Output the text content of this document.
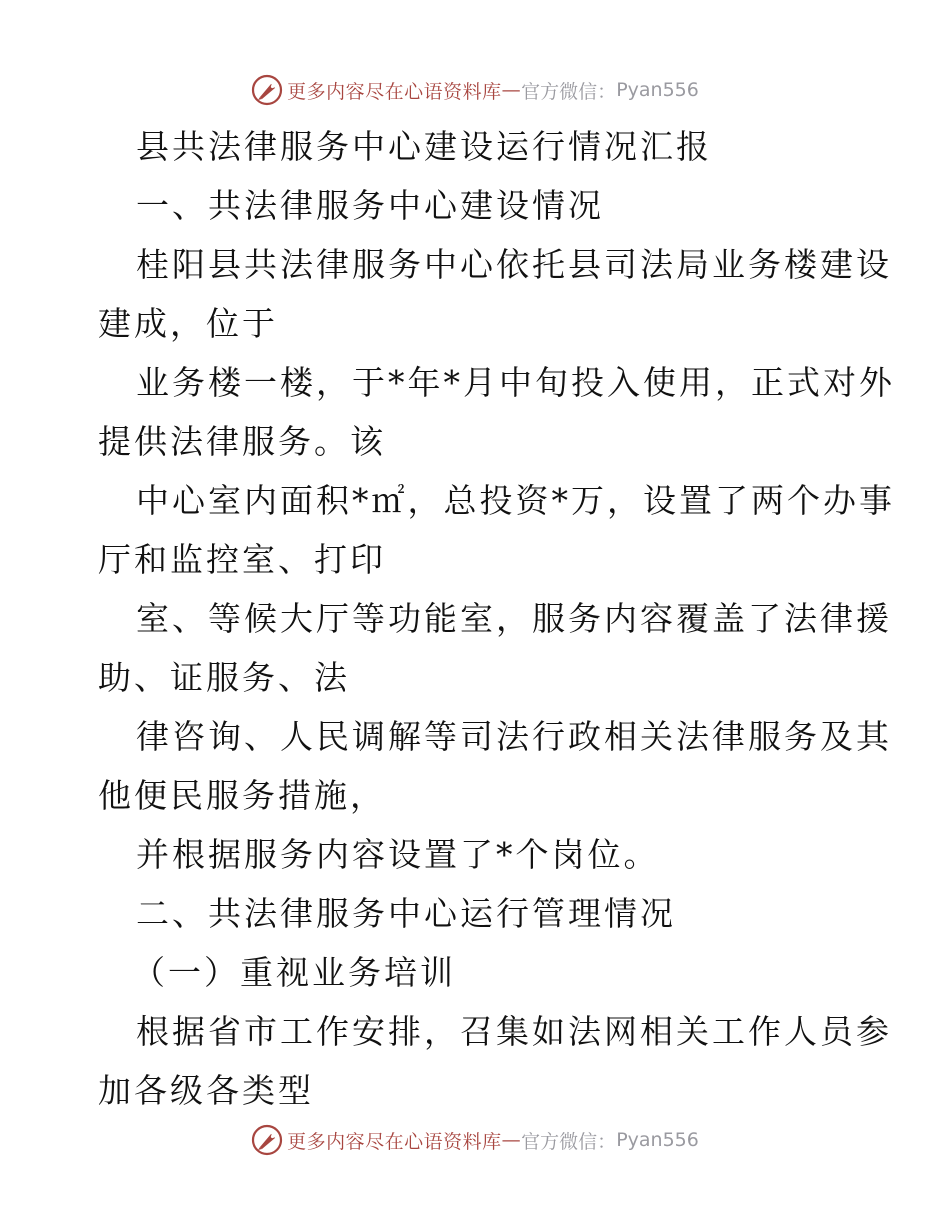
更多内容尽在心语资料库 — 官方微信： Pyan556
县共法律服务中心建设运行情况汇报
一、共法律服务中心建设情况
桂阳县共法律服务中心依托县司法局业务楼建设
建成，位于
业务楼一楼，于*年*月中旬投入使用，正式对外
提供法律服务。该
中心室内面积*㎡，总投资*万，设置了两个办事
厅和监控室、打印
室、等候大厅等功能室，服务内容覆盖了法律援
助、证服务、法
律咨询、人民调解等司法行政相关法律服务及其
他便民服务措施，
并根据服务内容设置了*个岗位。
二、共法律服务中心运行管理情况
（一）重视业务培训
根据省市工作安排，召集如法网相关工作人员参
加各级各类型
更多内容尽在心语资料库 — 官方微信： Pyan556
